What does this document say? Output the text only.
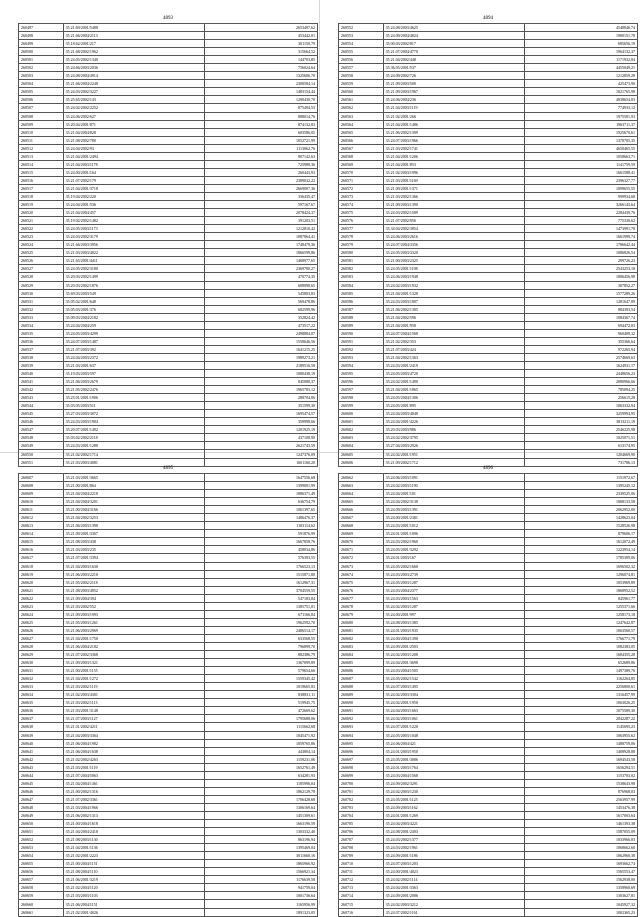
4893
260497	35.21.69/2001/5488	2653497,62
260498	35.21.66/2004/2113	453442,01
260499	35.18.62/2001/217	301150,79
260500	35.21.68/2002/1962	315664,52
260501	35.24.05/2002/1340	144703,85
260502	35.24.66/2003/2036	756024,64
260503	35.24.08/2004/4914	1325606,70
260504	35.21.66/2004/2248	2300584,14
260505	35.24.03/2002/3227	1483154,44
260506	35.25.65/2002/143	1290430,70
260507	35.24.02/2002/2252	875494,53
260508	35.24.06/2002/627	888014,76
260509	35.20.04/2001/871	874132,83
260510	35.21.04/2004/828	603586,05
260511	35.21.08/2002/780	1052721,99
260512	35.24.04/2002/93	1113062,76
260513	35.21.04/2001/2494	807142,63
260514	35.21.04/2003/1178	725988,36
260515	35.24.00/2001/164	260443,93
260516	35.21.07/2002/179	2389032,22
260517	35.21.04/2001/3718	2669007,36
260518	35.19.04/2002/220	336435,47
260519	35.24.04/2001/536	597167,67
260520	35.21.04/2004/457	2078424,37
260521	35.19.02/2002/1482	391203,51
260522	35.24.05/2003/1173	1212810,42
260523	35.24.03/2002/3179	1087864,41
260524	35.21.66/2003/3956	1748479,36
260525	35.21.03/2003/4022	1866599,86
260526	35.21.65/2001/4411	1468977,65
260527	35.24.05/2002/3180	2369780,27
260528	35.20.03/2002/1499	470774,35
260529	35.20.03/2002/1876	608098,65
260530	35.69.03/2003/549	545803,83
260531	35.05.02/2001/648	569478,86
260532	35.05.03/2001/376	682599,96
260533	35.09.03/2004/2182	352824,42
260534	35.24.04/2004/259	473517,22
260535	35.24.05/2003/4299	2498884,07
260536	35.24.07/2003/1487	1558646,56
260537	35.21.07/2003/392	1641215,25
260538	35.24.04/2003/2372	1989273,21
260539	35.21.03/2001/637	2189516,58
260540	35.19.03/2003/597	1080438,19
260541	35.21.06/2003/2679	845080,37
260542	35.21.05/2002/2476	1965783,12
260543	35.25.01/2001/1906	288704,06
260544	35.03.05/2003/511	351599,30
260545	35.27.03/2003/3072	1695474,57
260546	35.24.03/2003/1904	359998,66
260547	35.20.07/2001/1492	1201925,19
260548	35.03.02/2002/2118	437108,90
260549	35.24.03/2001/1288	2621743,59
260550	35.21.02/2002/1714	1247376,09
260551	35.21.03/2003/4081	1601160,20
4894
260552	35.24.08/2003/4625	4548846,74
260553	35.24.09/2004/4824	1900151,78
260554	35.00.03/2002/817	685656,19
260555	35.21.07/2004/4770	1964132,37
260556	35.21.04/2002/448	1171932,84
260557	35.36.05/2001/537	4455049,21
260558	35.24.09/2002/726	1212859,28
260559	35.21.09/2003/500	425473,90
260560	35.21.09/2003/1967	1021765,98
260561	35.24.06/2004/236	4838654,03
260562	35.21.04/2003/1119	774933,12
260563	35.21.02/2001/266	1975581,93
260564	35.21.04/2001/1486	1963711,37
260565	35.21.06/2002/1399	1925670,61
260566	35.24.07/2003/1966	1370705,35
260567	35.21.03/2002/1741	4650465,55
260568	35.21.04/2001/1206	1058663,71
260569	35.21.04/2001/853	1141759,59
260570	35.21.02/2003/1996	1661588,41
260571	35.21.03/2001/1169	2396327,77
260572	35.21.09/2001/1371	1099655,55
260573	35.21.03/2002/1366	999934,68
260574	35.21.09/2003/1390	3266143,64
260575	35.24.03/2002/1589	2284439,76
260576	35.21.07/2002/956	775330,62
260577	35.34.04/2002/3854	1473991,78
260578	35.24.06/2003/2616	1661999,74
260579	35.24.07/2004/3356	1786642,44
260580	35.24.05/2003/3320	1086826,54
260581	35.21.00/2003/2325	299726,23
260582	35.24.05/2001/1198	2543253,18
260583	35.24.06/2003/1948	1806456,98
260584	35.24.02/2003/1932	307852,27
260585	35.21.04/2001/1328	1577289,26
260586	35.24.03/2003/1807	1281647,89
260587	35.21.06/2002/1305	884393,54
260588	35.21.04/2002/596	1084367,74
260589	35.21.04/2001/958	694472,03
260590	35.24.07/2004/1568	960409,32
260591	35.21.02/2002/353	355366,64
260592	35.21.07/2003/424	972265,94
260593	35.21.04/2002/1363	2574669,63
260594	35.24.03/2001/2419	1624931,17
260595	35.24.05/2003/4720	2448656,23
260596	35.24.02/2001/1490	2080966,66
260597	35.21.04/2001/1865	785094,25
260598	35.24.05/2004/1306	256615,28
260599	35.24.05/2001/895	1063332,94
260600	35.24.04/2003/4048	3259994,95
260601	35.24.04/2001/4226	3813211,19
260602	35.20.03/2003/986	2546225,98
260603	35.24.02/2002/3795	1025071,51
260604	35.27.04/2003/2926	613174,95
260605	35.24.02/2001/1951	1204669,90
260606	35.21.09/2002/1712	731786,13
4895
260607	35.21.03/2001/3665	1647556,68
260608	35.21.00/2001/864	1399001,99
260609	35.21.04/2004/2218	1886371,49
260610	35.21.04/2004/3201	636754,79
260611	35.21.00/2004/3166	1061397,65
260612	35.21.04/2002/3253	1486476,37
260613	35.21.06/2003/1398	1103114,62
260614	35.21.09/2001/3367	591876,99
260615	35.21.08/2003/438	1667858,76
260616	35.21.03/2003/235	458034,86
260617	35.21.07/2001/3394	576393,55
260618	35.21.04/2003/1630	1766523,13
260619	35.21.06/2003/2210	1515871,80
260620	35.21.05/2002/2118	1612967,31
260621	35.21.08/2003/4952	3704559,55
260622	35.21.09/2004/394	547183,84
260623	35.21.03/2002/552	1385751,01
260624	35.21.09/2003/1993	671166,84
260625	35.21.05/2003/1261	1962592,70
260626	35.21.06/2003/2969	2486514,17
260627	35.21.04/2001/1750	633568,55
260628	35.21.06/2004/2182	796899,70
260629	35.21.07/2002/3368	882386,79
260630	35.21.09/2003/1321	1367099,89
260631	35.21.00/2001/1155	579654,66
260632	35.21.04/2001/1272	1559345,42
260633	35.21.03/2002/1119	1019665,83
260634	35.21.02/2003/4301	838831,11
260635	35.21.03/2002/1113	519945,75
260636	35.21.03/2001/3148	472669,62
260637	35.21.07/2003/1127	1795688,06
260638	35.21.01/2002/4211	1115662,68
260639	35.21.04/2003/3364	1045471,92
260640	35.21.06/2004/1982	1059765,86
260641	35.21.06/2004/1638	443804,14
260642	35.21.02/2002/4263	1159231,06
260643	35.21.03/2001/1119	1652761,49
260644	35.21.07/2004/5063	634281,93
260645	35.21.04/2004/1361	1185996,04
260646	35.21.00/2002/1316	1862129,78
260647	35.21.07/2002/3361	1706428,68
260648	35.21.03/2004/1966	1306169,64
260649	35.21.06/2002/1313	1451309,61
260650	35.21.00/2004/1618	1663196,59
260651	35.21.04/2004/2418	1303332,40
260652	35.21.08/2003/1130	863196,94
260653	35.21.04/2001/1136	1395469,04
260654	35.21.02/2001/2223	3011660,16
260655	35.21.00/2004/1151	1865966,92
260656	35.21.08/2004/1110	1566921,34
260657	35.21.06/2001/3219	1176639,58
260658	35.21.02/2004/1120	941759,04
260659	35.21.03/2003/1103	1001736,64
260660	35.21.06/2004/1151	1165956,99
260661	35.21.02/2001/4026	1891323,05
4896
260662	35.24.06/2003/1091	1151972,67
260663	35.24.02/2003/1190	1395245,12
260664	35.24.04/2001/101	2339525,06
260665	35.24.04/2002/3138	1068133,58
260666	35.24.09/2003/1391	2062952,00
260667	35.24.00/2001/2381	1428623,04
260668	35.24.03/2001/1012	1528526,98
260669	35.24.01/2001/1096	879606,17
260670	35.24.03/2002/1960	1612072,49
260671	35.24.05/2001/3292	1223954,14
260672	35.24.01/2003/167	1785309,06
260673	35.24.05/2002/1660	1696502,32
260674	35.24.03/2003/2739	1296074,81
260675	35.24.05/2003/1287	1053969,89
260676	35.24.03/2004/2377	1868952,52
260677	35.24.03/2003/1563	845961,77
260678	35.24.02/2003/1287	1255371,66
260679	35.24.00/2001/997	1258173,18
260680	35.24.08/2003/1385	1247642,87
260681	35.24.01/2003/1935	1063560,57
260682	35.24.00/2004/1390	1766771,79
260683	35.24.09/2001/2503	1082383,05
260684	35.24.02/2003/1208	1684355,28
260685	35.24.04/2001/3698	652689,86
260686	35.24.03/2004/1505	1497389,76
260687	35.24.05/2002/1542	1162264,85
260688	35.24.07/2003/1495	2256800,61
260689	35.24.02/2003/3304	1316457,99
260690	35.24.02/2001/1950	1063026,25
260691	35.24.04/2003/1663	1075589,30
260692	35.24.02/2003/1061	2842287,22
260693	35.24.07/2001/1220	1145695,23
260694	35.24.05/2003/1048	1063955,62
260695	35.24.06/2004/421	1488759,06
260696	35.24.01/2003/1950	1408928,88
260697	35.24.05/2001/3086	1694543,58
260698	35.24.01/2003/1764	1656294,51
260699	35.24.03/2004/1568	1153703,02
260700	35.24.09/2002/3291	1538643,98
260701	35.24.02/2003/1230	876968,03
260702	35.24.05/2001/1125	2563957,99
260703	35.24.09/2003/1162	1453476,38
260704	35.24.01/2001/1269	1617003,64
260705	35.24.04/2003/4221	1461393,38
260706	35.24.08/2001/2303	1587055,09
260707	35.24.03/2002/1377	1033966,83
260708	35.24.03/2002/1961	1068662,60
260709	35.24.09/2001/1186	1062960,38
260710	35.24.07/2003/1203	1693662,74
260711	35.24.00/2001/4023	1565553,47
260712	35.24.02/2002/1114	1562938,00
260713	35.24.04/2001/3363	1358960,69
260714	35.24.09/2001/2006	1303627,81
260715	35.24.02/2003/3212	1045927,32
260716	35.24.07/2002/1161	1002365,23
